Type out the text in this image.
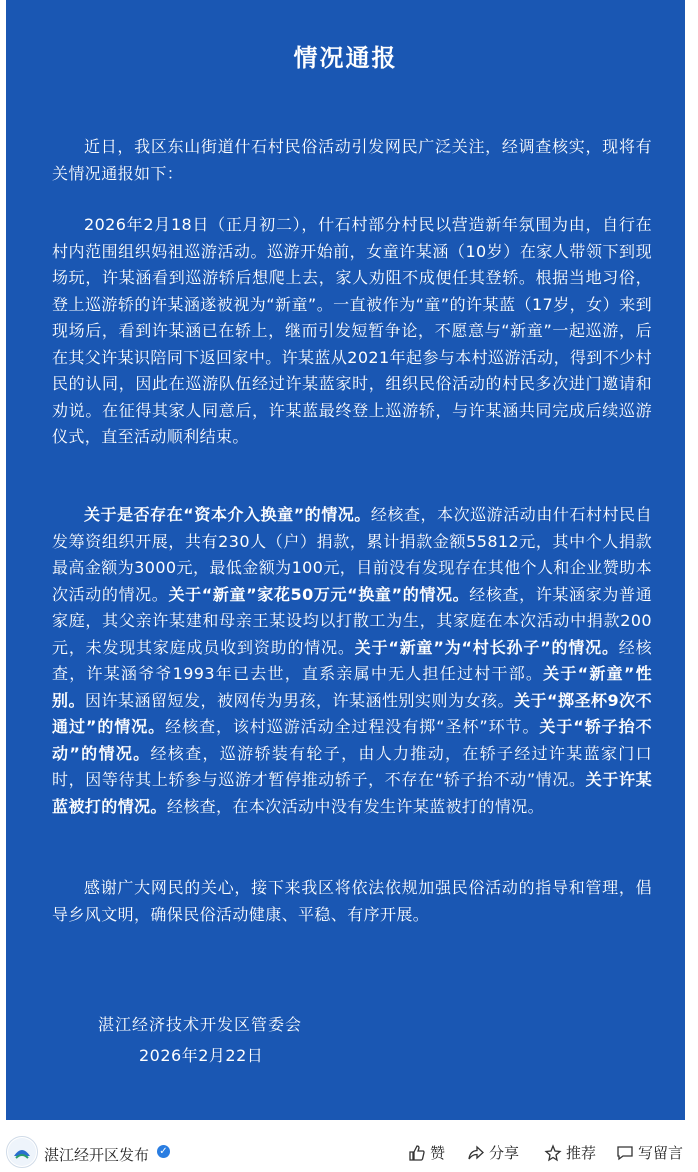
情况通报

近日，我区东山街道什石村民俗活动引发网民广泛关注，经调查核实，现将有关情况通报如下：

2026年2月18日（正月初二），什石村部分村民以营造新年氛围为由，自行在村内范围组织妈祖巡游活动。巡游开始前，女童许某涵（10岁）在家人带领下到现场玩，许某涵看到巡游轿后想爬上去，家人劝阻不成便任其登轿。根据当地习俗，登上巡游轿的许某涵遂被视为“新童”。一直被作为“童”的许某蓝（17岁，女）来到现场后，看到许某涵已在轿上，继而引发短暂争论，不愿意与“新童”一起巡游，后在其父许某识陪同下返回家中。许某蓝从2021年起参与本村巡游活动，得到不少村民的认同，因此在巡游队伍经过许某蓝家时，组织民俗活动的村民多次进门邀请和劝说。在征得其家人同意后，许某蓝最终登上巡游轿，与许某涵共同完成后续巡游仪式，直至活动顺利结束。

关于是否存在“资本介入换童”的情况。经核查，本次巡游活动由什石村村民自发筹资组织开展，共有230人（户）捐款，累计捐款金额55812元，其中个人捐款最高金额为3000元，最低金额为100元，目前没有发现存在其他个人和企业赞助本次活动的情况。关于“新童”家花50万元“换童”的情况。经核查，许某涵家为普通家庭，其父亲许某建和母亲王某设均以打散工为生，其家庭在本次活动中捐款200元，未发现其家庭成员收到资助的情况。关于“新童”为“村长孙子”的情况。经核查，许某涵爷爷1993年已去世，直系亲属中无人担任过村干部。关于“新童”性别。因许某涵留短发，被网传为男孩，许某涵性别实则为女孩。关于“掷圣杯9次不通过”的情况。经核查，该村巡游活动全过程没有掷“圣杯”环节。关于“轿子抬不动”的情况。经核查，巡游轿装有轮子，由人力推动，在轿子经过许某蓝家门口时，因等待其上轿参与巡游才暂停推动轿子，不存在“轿子抬不动”情况。关于许某蓝被打的情况。经核查，在本次活动中没有发生许某蓝被打的情况。

感谢广大网民的关心，接下来我区将依法依规加强民俗活动的指导和管理，倡导乡风文明，确保民俗活动健康、平稳、有序开展。

湛江经济技术开发区管委会
2026年2月22日
湛江经开区发布 ✓	赞	分享	推荐	写留言
